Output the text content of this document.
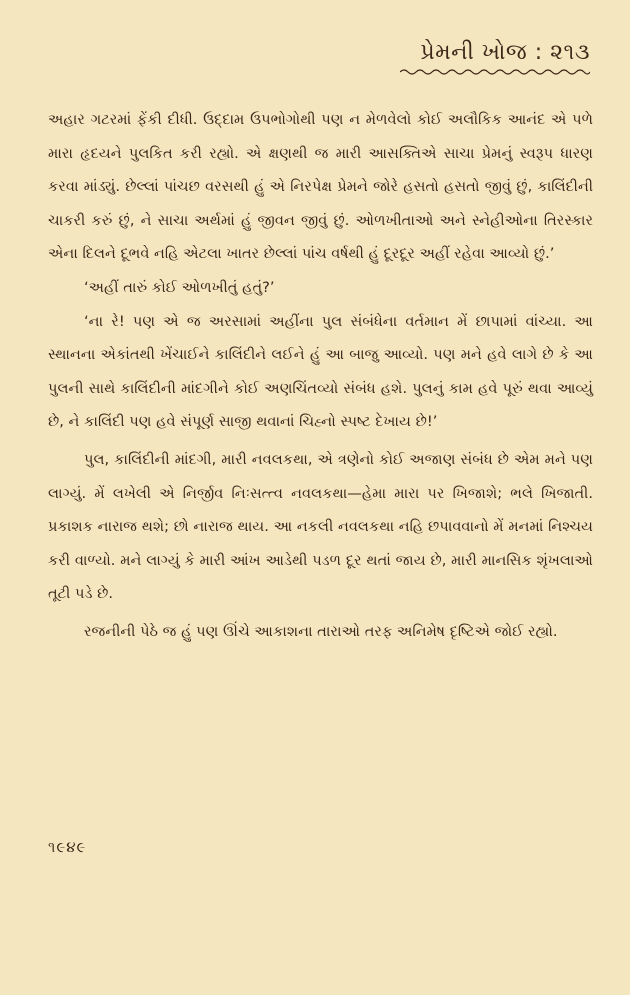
પ્રેમની ખોજ : ૨૧૩

અહાર ગટરમાં ફેંકી દીધી. ઉદ્દામ ઉપભોગોથી પણ ન મેળવેલો કોઈ અલૌકિક આનંદ એ પળે મારા હૃદયને પુલકિત કરી રહ્યો. એ ક્ષણથી જ મારી આસક્તિએ સાચા પ્રેમનું સ્વરૂપ ધારણ કરવા માંડ્યું. છેલ્લાં પાંચછ વરસથી હું એ નિરપેક્ષ પ્રેમને જોરે હસતો હસતો જીવું છું, કાલિંદીની ચાકરી કરું છું, ને સાચા અર્થમાં હું જીવન જીવું છું. ઓળખીતાઓ અને સ્નેહીઓના તિરસ્કાર એના દિલને દૂભવે નહિ એટલા ખાતર છેલ્લાં પાંચ વર્ષથી હું દૂરદૂર અહીં રહેવા આવ્યો છું.’

‘અહીં તારું કોઈ ઓળખીતું હતું?’

‘ના રે! પણ એ જ અરસામાં અહીંના પુલ સંબંધેના વર્તમાન મેં છાપામાં વાંચ્યા. આ સ્થાનના એકાંતથી ખેંચાઈને કાલિંદીને લઈને હું આ બાજુ આવ્યો. પણ મને હવે લાગે છે કે આ પુલની સાથે કાલિંદીની માંદગીને કોઈ અણચિંતવ્યો સંબંધ હશે. પુલનું કામ હવે પૂરું થવા આવ્યું છે, ને કાલિંદી પણ હવે સંપૂર્ણ સાજી થવાનાં ચિહ્નો સ્પષ્ટ દેખાય છે!’

પુલ, કાલિંદીની માંદગી, મારી નવલકથા, એ ત્રણેનો કોઈ અજાણ સંબંધ છે એમ મને પણ લાગ્યું. મેં લખેલી એ નિર્જીવ નિઃસત્ત્વ નવલકથા—હેમા મારા પર ખિજાશે; ભલે ખિજાતી. પ્રકાશક નારાજ થશે; છો નારાજ થાય. આ નકલી નવલકથા નહિ છપાવવાનો મેં મનમાં નિશ્ચય કરી વાળ્યો. મને લાગ્યું કે મારી આંખ આડેથી પડળ દૂર થતાં જાય છે, મારી માનસિક શૃંખલાઓ તૂટી પડે છે.

રજનીની પેઠે જ હું પણ ઊંચે આકાશના તારાઓ તરફ અનિમેષ દૃષ્ટિએ જોઈ રહ્યો.

૧૯૪૯
